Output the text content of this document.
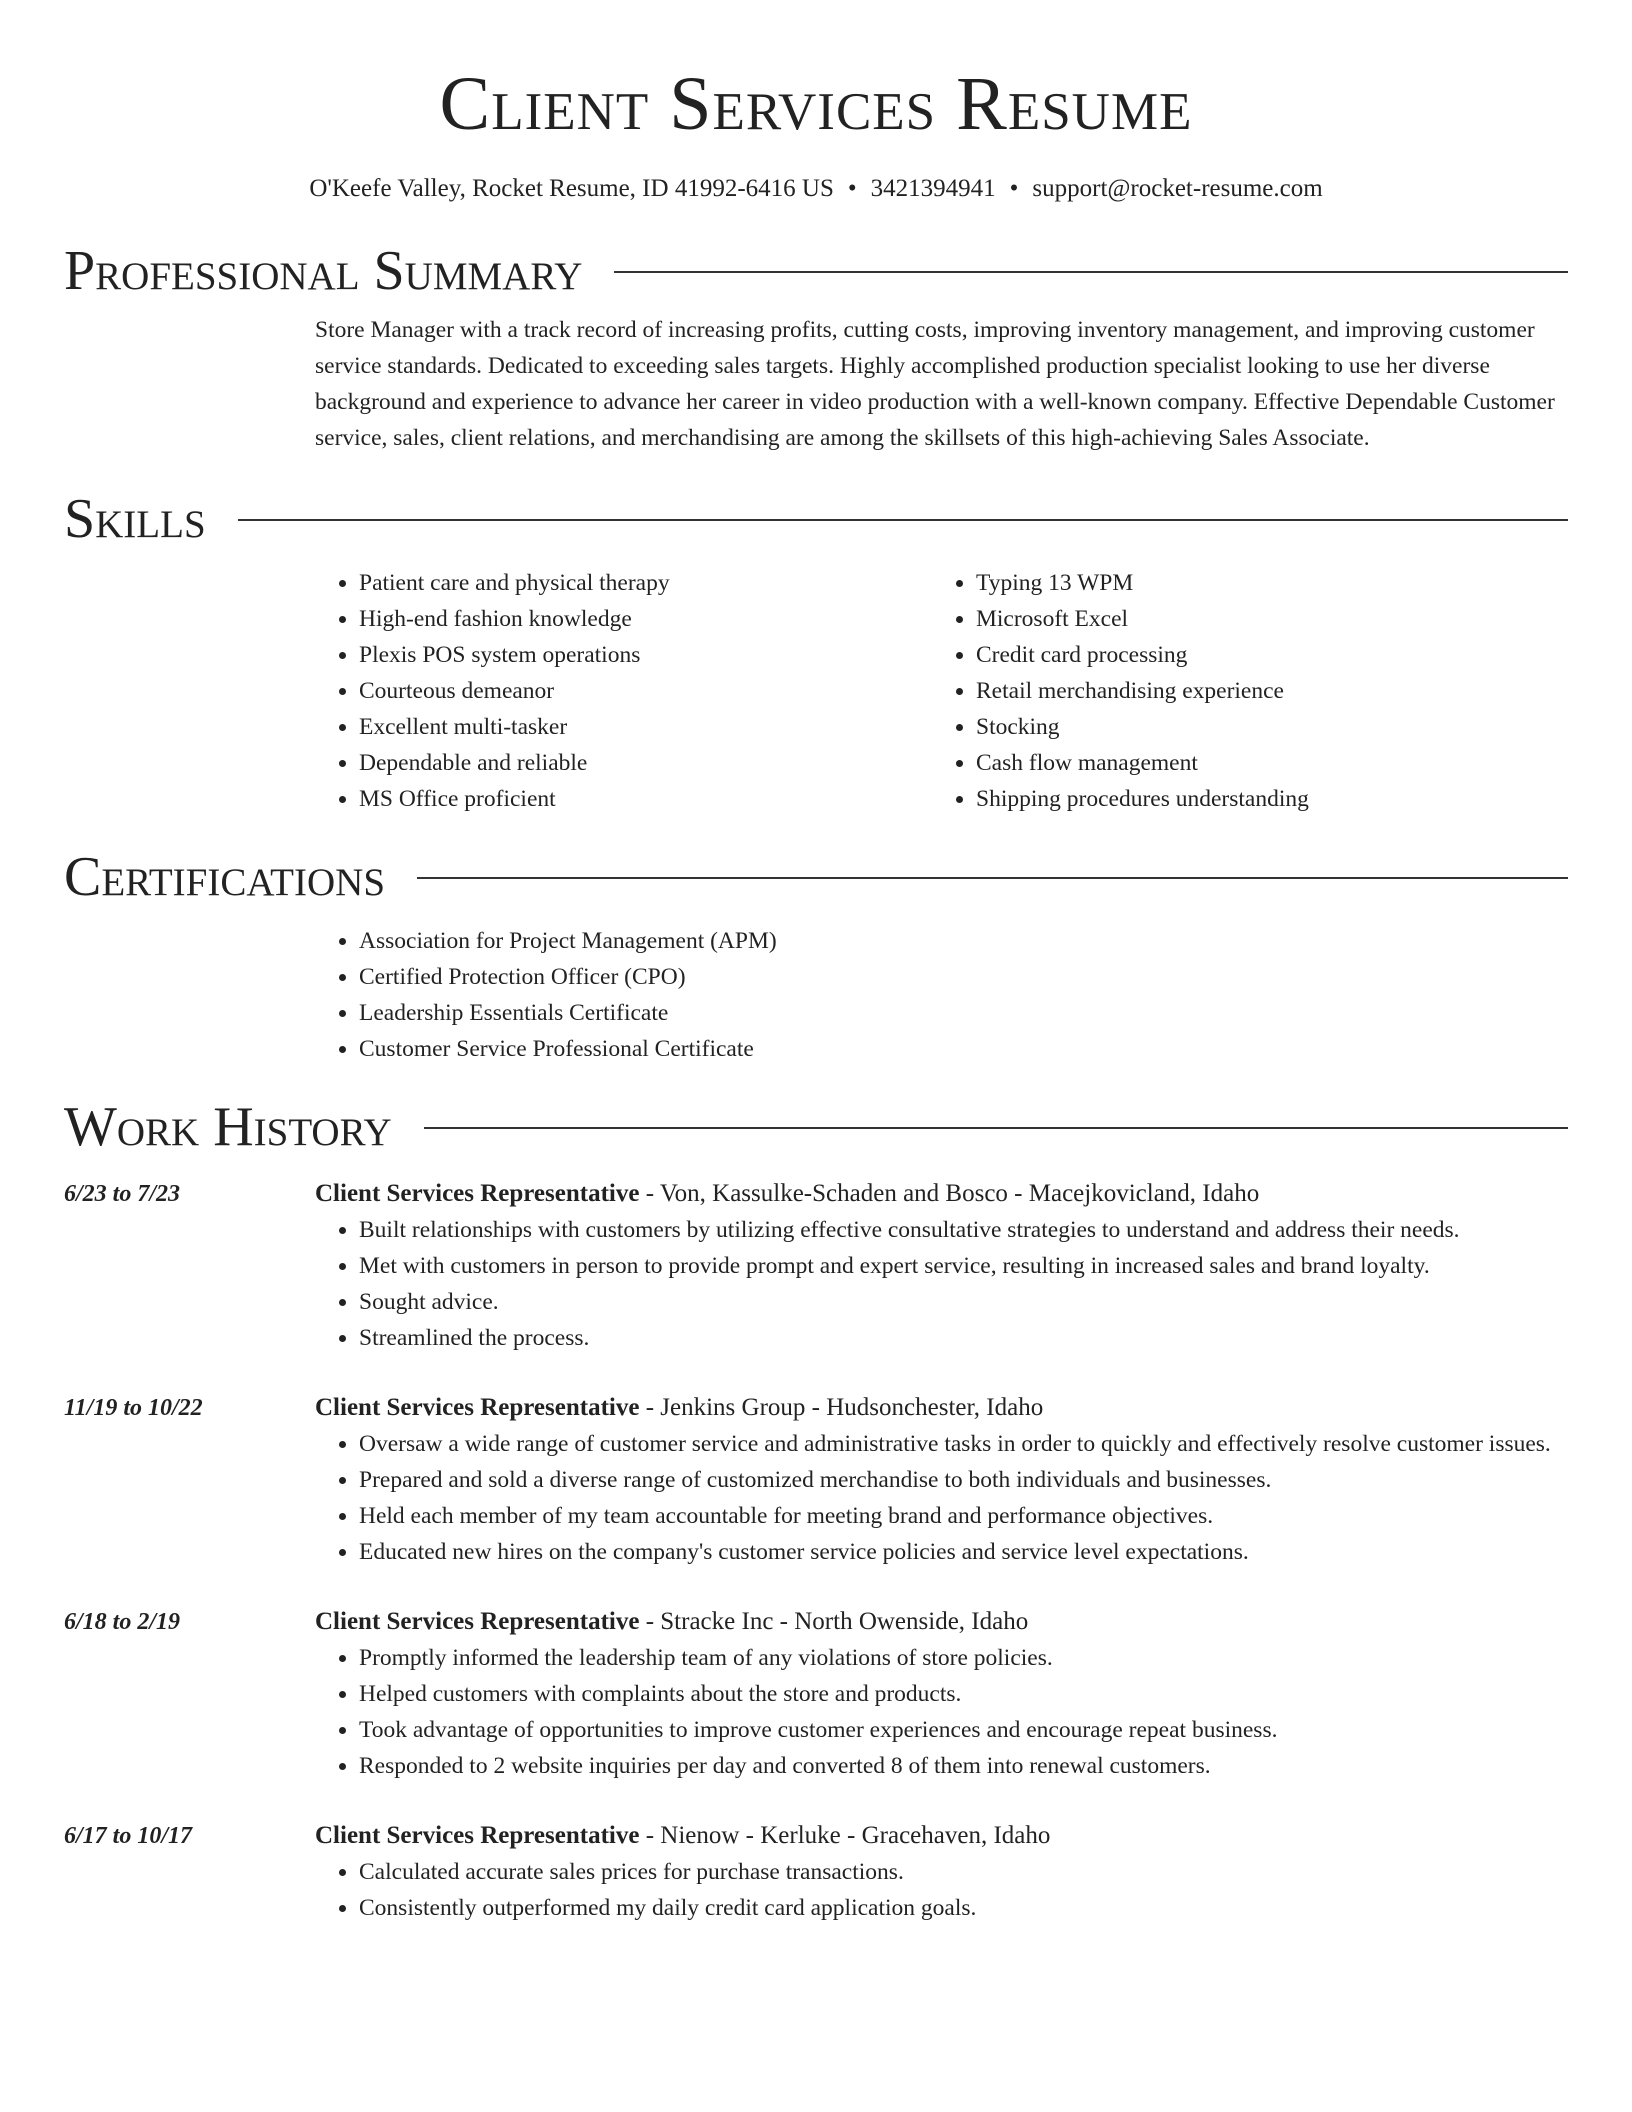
Client Services Resume
O'Keefe Valley, Rocket Resume, ID 41992-6416 US • 3421394941 • support@rocket-resume.com
Professional Summary

Store Manager with a track record of increasing profits, cutting costs, improving inventory management, and improving customer service standards. Dedicated to exceeding sales targets. Highly accomplished production specialist looking to use her diverse background and experience to advance her career in video production with a well-known company. Effective Dependable Customer service, sales, client relations, and merchandising are among the skillsets of this high-achieving Sales Associate.

Skills
• Patient care and physical therapy
• High-end fashion knowledge
• Plexis POS system operations
• Courteous demeanor
• Excellent multi-tasker
• Dependable and reliable
• MS Office proficient
• Typing 13 WPM
• Microsoft Excel
• Credit card processing
• Retail merchandising experience
• Stocking
• Cash flow management
• Shipping procedures understanding
Certifications
• Association for Project Management (APM)
• Certified Protection Officer (CPO)
• Leadership Essentials Certificate
• Customer Service Professional Certificate
Work History
6/23 to 7/23	Client Services Representative - Von, Kassulke-Schaden and Bosco - Macejkovicland, Idaho
• Built relationships with customers by utilizing effective consultative strategies to understand and address their needs.
• Met with customers in person to provide prompt and expert service, resulting in increased sales and brand loyalty.
• Sought advice.
• Streamlined the process.
11/19 to 10/22	Client Services Representative - Jenkins Group - Hudsonchester, Idaho
• Oversaw a wide range of customer service and administrative tasks in order to quickly and effectively resolve customer issues.
• Prepared and sold a diverse range of customized merchandise to both individuals and businesses.
• Held each member of my team accountable for meeting brand and performance objectives.
• Educated new hires on the company's customer service policies and service level expectations.
6/18 to 2/19	Client Services Representative - Stracke Inc - North Owenside, Idaho
• Promptly informed the leadership team of any violations of store policies.
• Helped customers with complaints about the store and products.
• Took advantage of opportunities to improve customer experiences and encourage repeat business.
• Responded to 2 website inquiries per day and converted 8 of them into renewal customers.
6/17 to 10/17	Client Services Representative - Nienow - Kerluke - Gracehaven, Idaho
• Calculated accurate sales prices for purchase transactions.
• Consistently outperformed my daily credit card application goals.
